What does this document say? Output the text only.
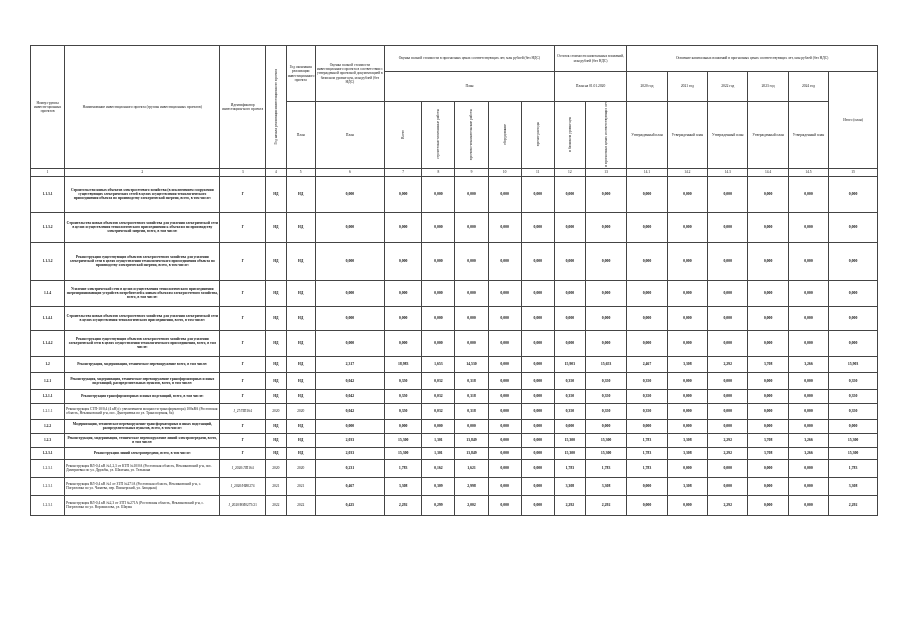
Номер группы инвести-ционных проектов	Наименование инвестиционного проекта (группы инвестиционных проектов)	Идентификатор инвестицион-ного проекта	Год начала реализации инвестиционного проекта	Год окончания реализации инвестиционного проекта	Оценка полной стоимости инвестиционного проекта в соответствии с утвержденной проектной документацией в базисном уровне цен, млн рублей (без НДС)	Оценка полной стоимости в прогнозных ценах соответствующих лет, млн рублей (без НДС)					Остаток стоимости капитальных вложений, млн рублей (без НДС)		Освоение капитальных вложений в прогнозных ценах соответствующих лет, млн рублей (без НДС)					
						План					План на 01.01.2020		2020 год	2021 год	2022 год	2023 год	2024 год	Итого (план)
				План	План	Всего	строительно-монтажные работы	проектно-изыскательские работы	оборудование	прочие расходы	в базисном уровне цен	в прогнозных ценах соответствующих лет	Утвержденный план	Утвержденный план	Утвержденный план	Утвержденный план	Утвержденный план	
1	2	3	4	5	6	7	8	9	10	11	12	13	14.1	14.2	14.3	14.4	14.5	15
1.1.3.1	Строительство новых объектов электросетевого хозяйства (в исключением сооружения существующих электрических сетей в целях осуществления технологического присоединения объекта по производству электрической энергии, всего, в том числе:	Г	НД	НД	0,000	0,000	0,000	0,000	0,000	0,000	0,000	0,000	0,000	0,000	0,000	0,000	0,000	0,000
1.1.3.2	Строительство новых объектов электросетевого хозяйства для усиления электрической сети в целях осуществления технологического присоединения к объектам по производству электрической энергии, всего, в том числе:	Г	НД	НД	0,000	0,000	0,000	0,000	0,000	0,000	0,000	0,000	0,000	0,000	0,000	0,000	0,000	0,000
1.1.3.2	Реконструкция существующих объектов электросетевого хозяйства для усиления электрической сети в целях осуществления технологического присоединения объекта по производству электрической энергии, всего, в том числе:	Г	НД	НД	0,000	0,000	0,000	0,000	0,000	0,000	0,000	0,000	0,000	0,000	0,000	0,000	0,000	0,000
1.1.4	Усиление электрической сети в целях осуществления технологического присоединения энергопринимающих устройств потребителей к новым объектам электросетевого хозяйства, всего, в том числе:	Г	НД	НД	0,000	0,000	0,000	0,000	0,000	0,000	0,000	0,000	0,000	0,000	0,000	0,000	0,000	0,000
1.1.4.1	Строительство новых объектов электросетевого хозяйства для усиления электрической сети в целях осуществления технологического присоединения, всего, в том числе:	Г	НД	НД	0,000	0,000	0,000	0,000	0,000	0,000	0,000	0,000	0,000	0,000	0,000	0,000	0,000	0,000
1.1.4.2	Реконструкция существующих объектов электросетевого хозяйства для усиления электрической сети в целях осуществления технологического присоединения, всего, в том числе:	Г	НД	НД	0,000	0,000	0,000	0,000	0,000	0,000	0,000	0,000	0,000	0,000	0,000	0,000	0,000	0,000
1.2	Реконструкция, модернизация, техническое перевооружение всего, в том числе:	Г	НД	НД	2,317	18,983	1,653	14,530	0,000	0,000	15,903	15,653	2,467	3,308	2,292	3,708	3,266	15,903
1.2.1	Реконструкция, модернизация, техническое перевооружение трансформаторных и иных подстанций, распределительных пунктов, всего, в том числе:	Г	НД	НД	0,042	0,350	0,032	0,318	0,000	0,000	0,350	0,350	0,350	0,000	0,000	0,000	0,000	0,350
1.2.1.1	Реконструкция трансформаторных и иных подстанций, всего, в том числе:	Г	НД	НД	0,042	0,350	0,032	0,318	0,000	0,000	0,350	0,350	0,350	0,000	0,000	0,000	0,000	0,350
1.2.1.1	Реконструкция СТП-10/0,4 (4 кВ) (с увеличением мощности трансформатора) 100кВА (Ростовская область, Неклиновский р-н, пос. Дмитриевка по ул. Транспортная, 6а)	J_27/ПП164	2020	2020	0,042	0,350	0,032	0,318	0,000	0,000	0,350	0,350	0,350	0,000	0,000	0,000	0,000	0,350
1.2.2	Модернизация, техническое перевооружение трансформаторных и иных подстанций, распределительных пунктов, всего, в том числе:	Г	НД	НД	0,000	0,000	0,000	0,000	0,000	0,000	0,000	0,000	0,000	0,000	0,000	0,000	0,000	0,000
1.2.3	Реконструкция, модернизация, техническое перевооружение линий электропередачи, всего, в том числе:	Г	НД	НД	2,033	15,300	1,301	13,849	0,000	0,000	15,300	15,300	1,783	3,308	2,292	3,708	3,266	15,300
1.2.3.1	Реконструкция линий электропередачи, всего, в том числе:	Г	НД	НД	2,033	15,300	1,301	13,849	0,000	0,000	15,300	15,300	1,783	3,308	2,292	3,708	3,266	15,300
1.2.3.1	Реконструкция ВЛ-0,4 кВ №1,2,3 от КТП №10/0А (Ростовская область, Неклиновский р-н, пос. Дмитриевка по ул. Дружбы, ул. Шахтная, ул. Тельмана	J_2020/ЛП164	2020	2020	0,231	1,783	0,162	1,621	0,000	0,000	1,783	1,783	1,783	0,000	0,000	0,000	0,000	1,783
1.2.3.1	Реконструкция ВЛ-0,4 кВ №1 от ЗТП №271А (Ростовская область, Неклиновский р-н, с. Погреловка по ул. Чапаева, пер. Пионерский, ул. Западная)	J_2020/НИ0274	2021	2021	0,467	3,308	0,309	2,998	0,000	0,000	3,308	3,308	0,000	3,308	0,000	0,000	0,000	3,308
1.2.3.1	Реконструкция ВЛ-0,4 кВ №2,3 от ЗТП №271А (Ростовская область, Неклиновский р-н, с. Погреловка по ул. Ворошилова, ул. Шаумя	J_2020/НИ0275/21	2022	2022	0,425	2,292	0,299	2,002	0,000	0,000	2,292	2,292	0,000	0,000	2,292	0,000	0,000	2,292
